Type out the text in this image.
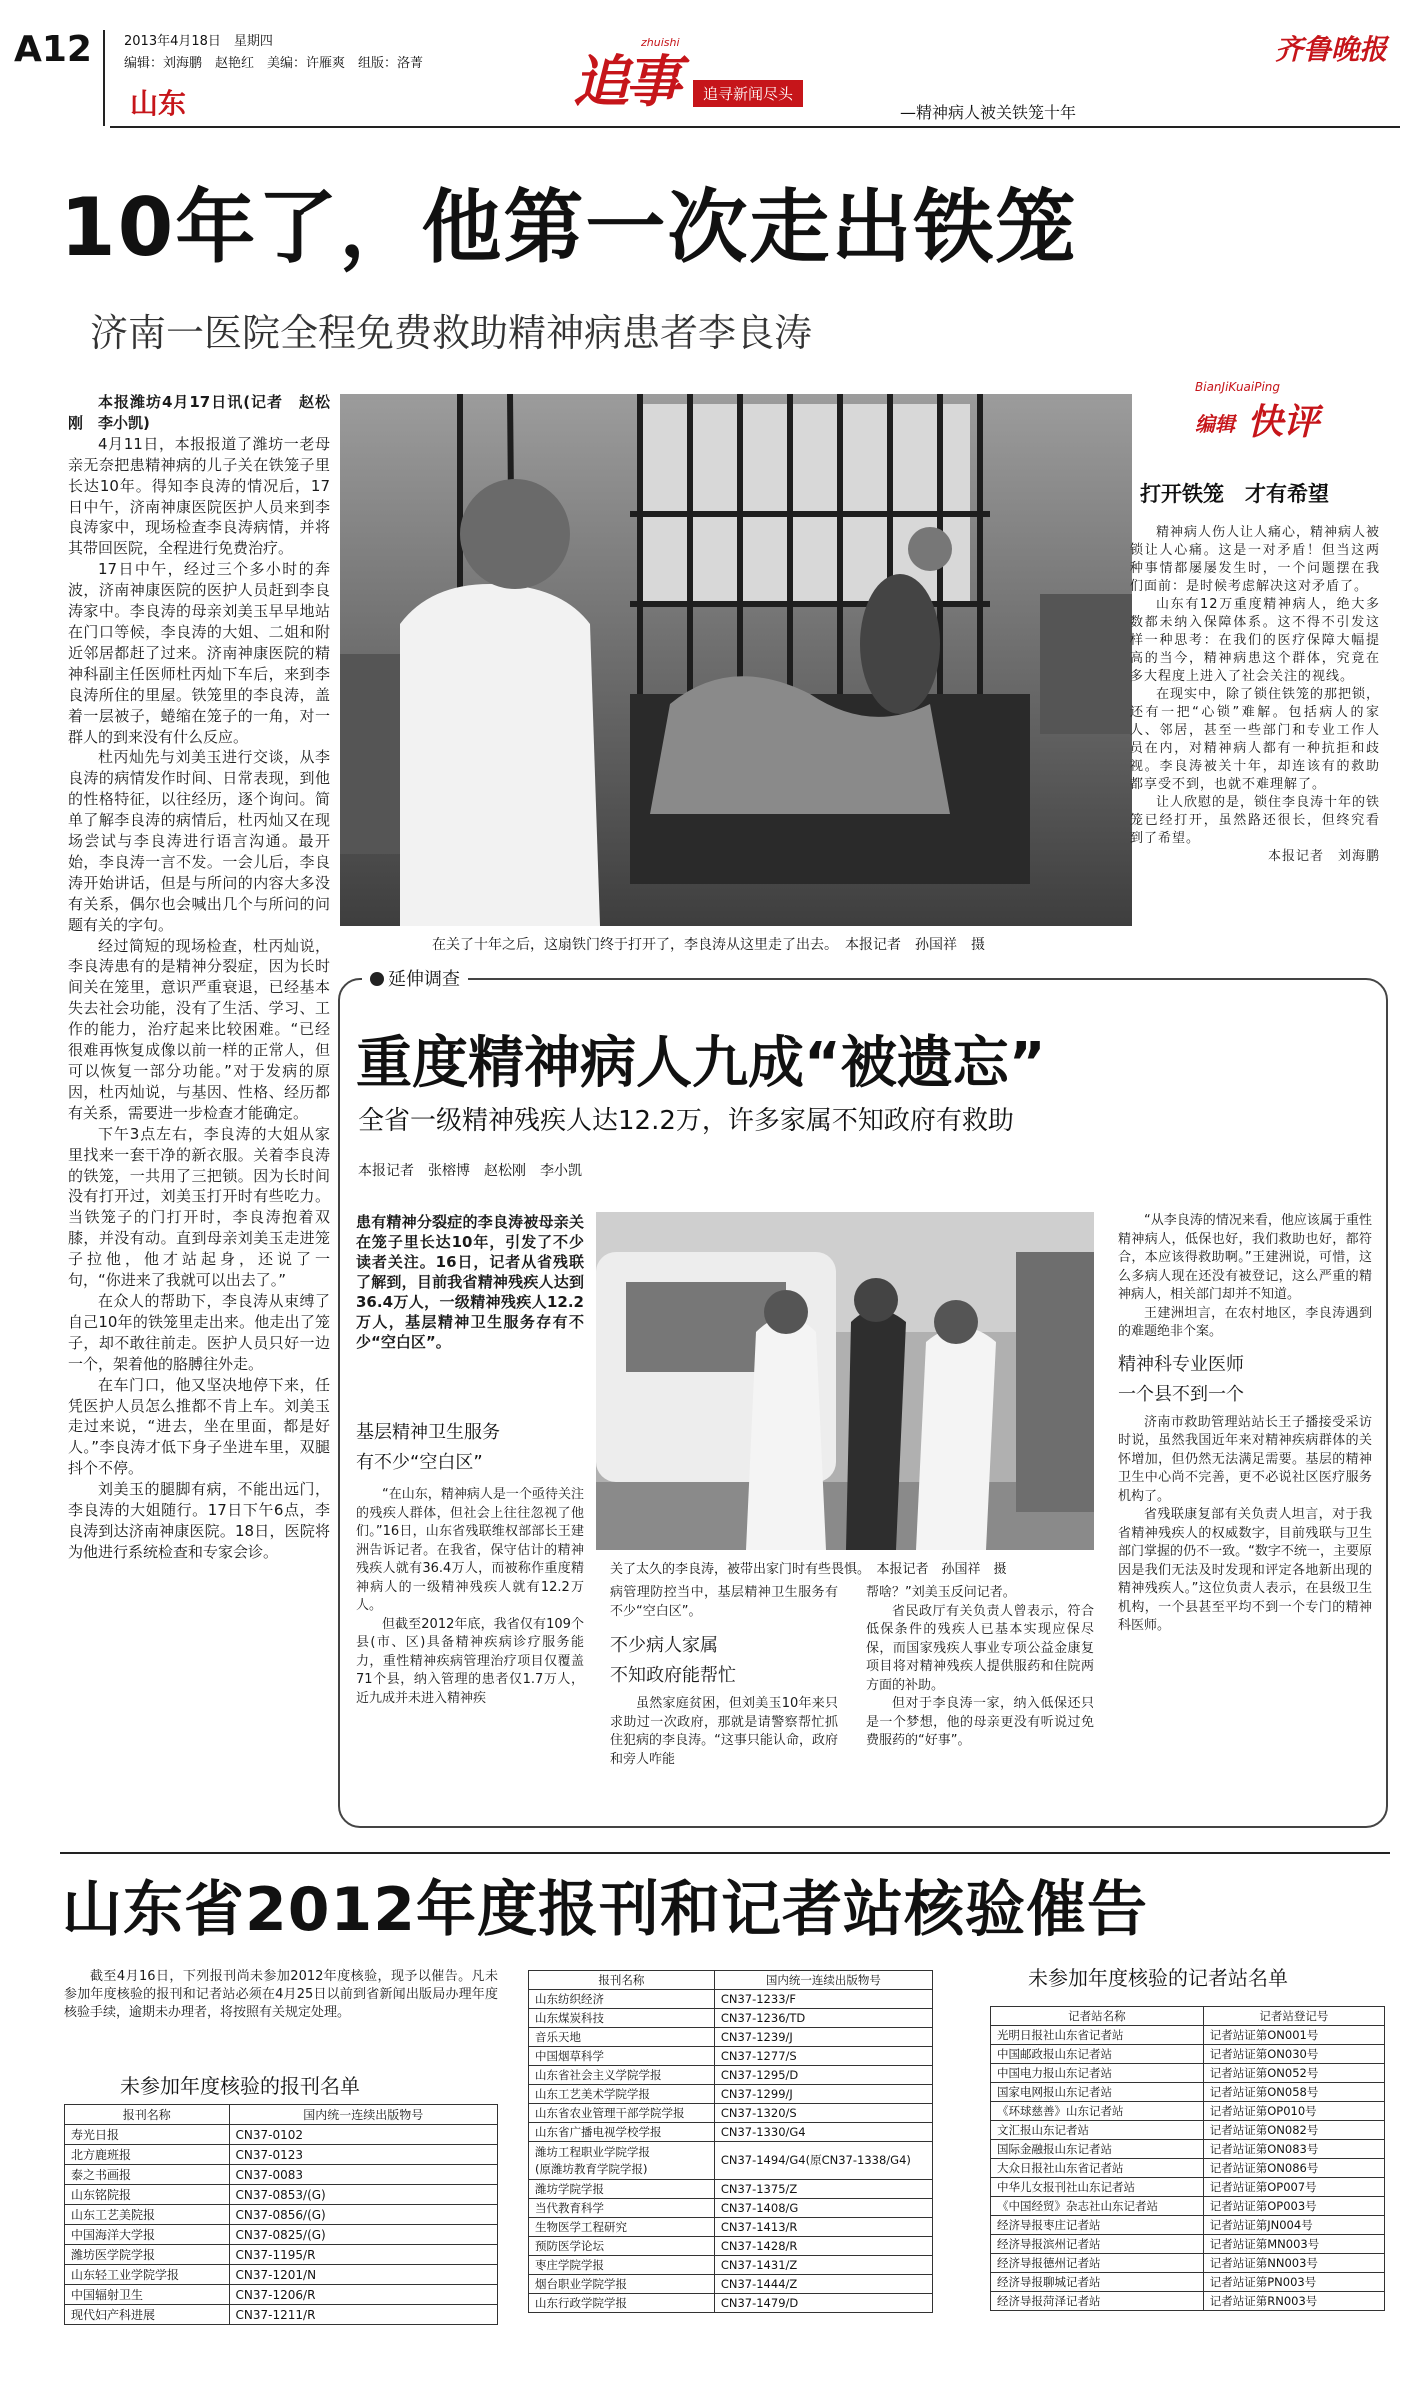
A12 2013年4月18日　星期四
编辑：刘海鹏　赵艳红　美编：许雁爽　组版：洛菁
山东	追事
zhuishi
追寻新闻尽头
—精神病人被关铁笼十年
齐鲁晚报
10年了，他第一次走出铁笼
济南一医院全程免费救助精神病患者李良涛

本报潍坊4月17日讯(记者　赵松刚　李小凯)

4月11日，本报报道了潍坊一老母亲无奈把患精神病的儿子关在铁笼子里长达10年。得知李良涛的情况后，17日中午，济南神康医院医护人员来到李良涛家中，现场检查李良涛病情，并将其带回医院，全程进行免费治疗。

17日中午，经过三个多小时的奔波，济南神康医院的医护人员赶到李良涛家中。李良涛的母亲刘美玉早早地站在门口等候，李良涛的大姐、二姐和附近邻居都赶了过来。济南神康医院的精神科副主任医师杜丙灿下车后，来到李良涛所住的里屋。铁笼里的李良涛，盖着一层被子，蜷缩在笼子的一角，对一群人的到来没有什么反应。

杜丙灿先与刘美玉进行交谈，从李良涛的病情发作时间、日常表现，到他的性格特征，以往经历，逐个询问。简单了解李良涛的病情后，杜丙灿又在现场尝试与李良涛进行语言沟通。最开始，李良涛一言不发。一会儿后，李良涛开始讲话，但是与所问的内容大多没有关系，偶尔也会喊出几个与所问的问题有关的字句。

经过简短的现场检查，杜丙灿说，李良涛患有的是精神分裂症，因为长时间关在笼里，意识严重衰退，已经基本失去社会功能，没有了生活、学习、工作的能力，治疗起来比较困难。“已经很难再恢复成像以前一样的正常人，但可以恢复一部分功能。”对于发病的原因，杜丙灿说，与基因、性格、经历都有关系，需要进一步检查才能确定。

下午3点左右，李良涛的大姐从家里找来一套干净的新衣服。关着李良涛的铁笼，一共用了三把锁。因为长时间没有打开过，刘美玉打开时有些吃力。当铁笼子的门打开时，李良涛抱着双膝，并没有动。直到母亲刘美玉走进笼子拉他，他才站起身，还说了一句，“你进来了我就可以出去了。”

在众人的帮助下，李良涛从束缚了自己10年的铁笼里走出来。他走出了笼子，却不敢往前走。医护人员只好一边一个，架着他的胳膊往外走。

在车门口，他又坚决地停下来，任凭医护人员怎么推都不肯上车。刘美玉走过来说，“进去，坐在里面，都是好人。”李良涛才低下身子坐进车里，双腿抖个不停。

刘美玉的腿脚有病，不能出远门，李良涛的大姐随行。17日下午6点，李良涛到达济南神康医院。18日，医院将为他进行系统检查和专家会诊。

在关了十年之后，这扇铁门终于打开了，李良涛从这里走了出去。　本报记者　孙国祥　摄
BianJiKuaiPing
编辑 快评
打开铁笼　才有希望

精神病人伤人让人痛心，精神病人被锁让人心痛。这是一对矛盾！但当这两种事情都屡屡发生时，一个问题摆在我们面前：是时候考虑解决这对矛盾了。

山东有12万重度精神病人，绝大多数都未纳入保障体系。这不得不引发这样一种思考：在我们的医疗保障大幅提高的当今，精神病患这个群体，究竟在多大程度上进入了社会关注的视线。

在现实中，除了锁住铁笼的那把锁，还有一把“心锁”难解。包括病人的家人、邻居，甚至一些部门和专业工作人员在内，对精神病人都有一种抗拒和歧视。李良涛被关十年，却连该有的救助都享受不到，也就不难理解了。

让人欣慰的是，锁住李良涛十年的铁笼已经打开，虽然路还很长，但终究看到了希望。

本报记者　刘海鹏

延伸调查
重度精神病人九成“被遗忘”
全省一级精神残疾人达12.2万，许多家属不知政府有救助
本报记者　张榕博　赵松刚　李小凯
患有精神分裂症的李良涛被母亲关在笼子里长达10年，引发了不少读者关注。16日，记者从省残联了解到，目前我省精神残疾人达到36.4万人，一级精神残疾人12.2万人，基层精神卫生服务存有不少“空白区”。
基层精神卫生服务
有不少“空白区”

“在山东，精神病人是一个亟待关注的残疾人群体，但社会上往往忽视了他们。”16日，山东省残联维权部部长王建洲告诉记者。在我省，保守估计的精神残疾人就有36.4万人，而被称作重度精神病人的一级精神残疾人就有12.2万人。

但截至2012年底，我省仅有109个县(市、区)具备精神疾病诊疗服务能力，重性精神疾病管理治疗项目仅覆盖71个县，纳入管理的患者仅1.7万人，近九成并未进入精神疾

关了太久的李良涛，被带出家门时有些畏惧。　本报记者　孙国祥　摄
病管理防控当中，基层精神卫生服务有不少“空白区”。
不少病人家属
不知政府能帮忙

虽然家庭贫困，但刘美玉10年来只求助过一次政府，那就是请警察帮忙抓住犯病的李良涛。“这事只能认命，政府和旁人咋能

帮啥？”刘美玉反问记者。

省民政厅有关负责人曾表示，符合低保条件的残疾人已基本实现应保尽保，而国家残疾人事业专项公益金康复项目将对精神残疾人提供服药和住院两方面的补助。

但对于李良涛一家，纳入低保还只是一个梦想，他的母亲更没有听说过免费服药的“好事”。

“从李良涛的情况来看，他应该属于重性精神病人，低保也好，我们救助也好，都符合，本应该得救助啊。”王建洲说，可惜，这么多病人现在还没有被登记，这么严重的精神病人，相关部门却并不知道。

王建洲坦言，在农村地区，李良涛遇到的难题绝非个案。

精神科专业医师
一个县不到一个

济南市救助管理站站长王子播接受采访时说，虽然我国近年来对精神疾病群体的关怀增加，但仍然无法满足需要。基层的精神卫生中心尚不完善，更不必说社区医疗服务机构了。

省残联康复部有关负责人坦言，对于我省精神残疾人的权威数字，目前残联与卫生部门掌握的仍不一致。“数字不统一，主要原因是我们无法及时发现和评定各地新出现的精神残疾人。”这位负责人表示，在县级卫生机构，一个县甚至平均不到一个专门的精神科医师。

山东省2012年度报刊和记者站核验催告
截至4月16日，下列报刊尚未参加2012年度核验，现予以催告。凡未参加年度核验的报刊和记者站必须在4月25日以前到省新闻出版局办理年度核验手续，逾期未办理者，将按照有关规定处理。
未参加年度核验的报刊名单
报刊名称	国内统一连续出版物号
寿光日报	CN37-0102
北方鹿班报	CN37-0123
泰之书画报	CN37-0083
山东铭院报	CN37-0853/(G)
山东工艺美院报	CN37-0856/(G)
中国海洋大学报	CN37-0825/(G)
潍坊医学院学报	CN37-1195/R
山东轻工业学院学报	CN37-1201/N
中国辐射卫生	CN37-1206/R
现代妇产科进展	CN37-1211/R
报刊名称	国内统一连续出版物号
山东纺织经济	CN37-1233/F
山东煤炭科技	CN37-1236/TD
音乐天地	CN37-1239/J
中国烟草科学	CN37-1277/S
山东省社会主义学院学报	CN37-1295/D
山东工艺美术学院学报	CN37-1299/J
山东省农业管理干部学院学报	CN37-1320/S
山东省广播电视学校学报	CN37-1330/G4
潍坊工程职业学院学报
(原潍坊教育学院学报)	CN37-1494/G4(原CN37-1338/G4)
潍坊学院学报	CN37-1375/Z
当代教育科学	CN37-1408/G
生物医学工程研究	CN37-1413/R
预防医学论坛	CN37-1428/R
枣庄学院学报	CN37-1431/Z
烟台职业学院学报	CN37-1444/Z
山东行政学院学报	CN37-1479/D
未参加年度核验的记者站名单
记者站名称	记者站登记号
光明日报社山东省记者站	记者站证第ON001号
中国邮政报山东记者站	记者站证第ON030号
中国电力报山东记者站	记者站证第ON052号
国家电网报山东记者站	记者站证第ON058号
《环球慈善》山东记者站	记者站证第OP010号
文汇报山东记者站	记者站证第ON082号
国际金融报山东记者站	记者站证第ON083号
大众日报社山东省记者站	记者站证第ON086号
中华儿女报刊社山东记者站	记者站证第OP007号
《中国经贸》杂志社山东记者站	记者站证第OP003号
经济导报枣庄记者站	记者站证第JN004号
经济导报滨州记者站	记者站证第MN003号
经济导报德州记者站	记者站证第NN003号
经济导报聊城记者站	记者站证第PN003号
经济导报菏泽记者站	记者站证第RN003号
